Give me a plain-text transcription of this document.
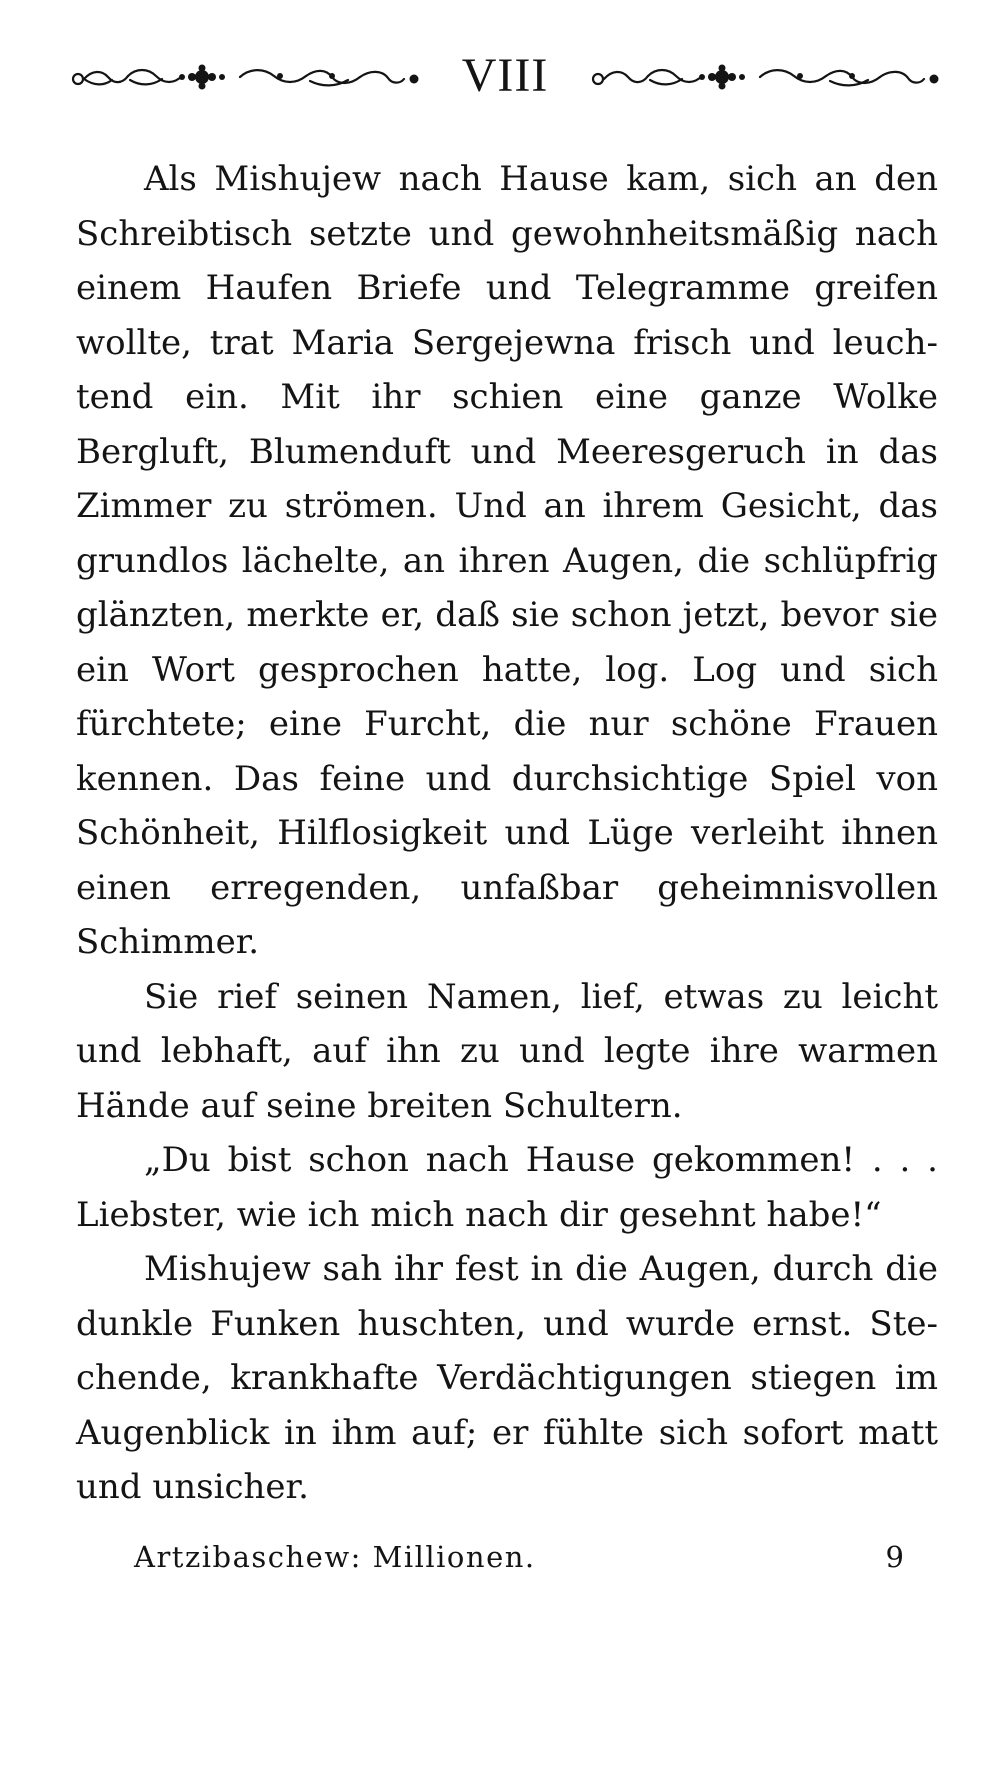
VIII

Als Mishujew nach Hause kam, sich an den Schreibtisch setzte und gewohnheitsmäßig nach einem Haufen Briefe und Telegramme greifen wollte, trat Maria Sergejewna frisch und leuchtend ein. Mit ihr schien eine ganze Wolke Bergluft, Blumenduft und Meeresgeruch in das Zimmer zu strömen. Und an ihrem Gesicht, das grundlos lächelte, an ihren Augen, die schlüpfrig glänzten, merkte er, daß sie schon jetzt, bevor sie ein Wort gesprochen hatte, log. Log und sich fürchtete; eine Furcht, die nur schöne Frauen kennen. Das feine und durchsichtige Spiel von Schönheit, Hilflosigkeit und Lüge verleiht ihnen einen erregenden, unfaßbar geheimnisvollen Schimmer.

Sie rief seinen Namen, lief, etwas zu leicht und lebhaft, auf ihn zu und legte ihre warmen Hände auf seine breiten Schultern.

„Du bist schon nach Hause gekommen! . . . Liebster, wie ich mich nach dir gesehnt habe!“

Mishujew sah ihr fest in die Augen, durch die dunkle Funken huschten, und wurde ernst. Stechende, krankhafte Verdächtigungen stiegen im Augenblick in ihm auf; er fühlte sich sofort matt und unsicher.

Artzibaschew: Millionen.	9
